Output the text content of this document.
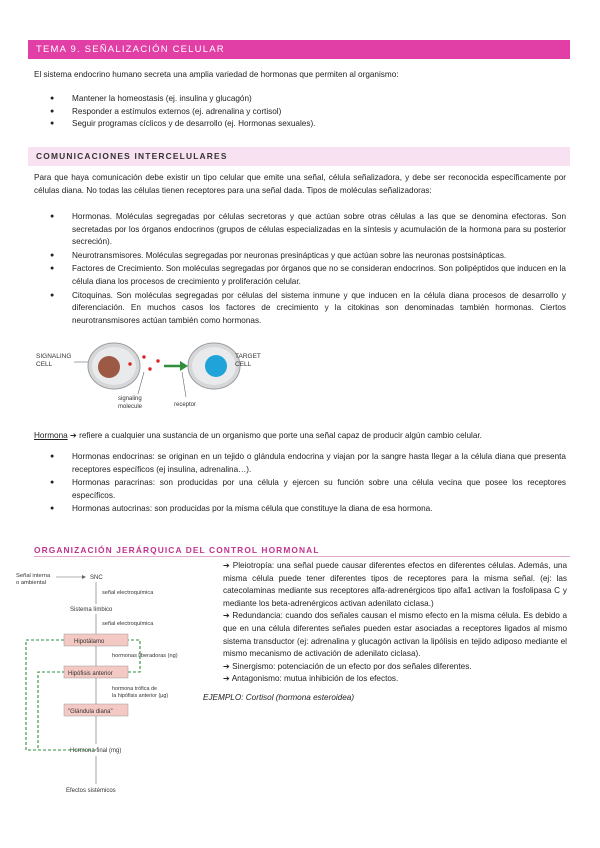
TEMA 9. SEÑALIZACIÓN CELULAR
El sistema endocrino humano secreta una amplia variedad de hormonas que permiten al organismo:
● Mantener la homeostasis (ej. insulina y glucagón)
● Responder a estímulos externos (ej. adrenalina y cortisol)
● Seguir programas cíclicos y de desarrollo (ej. Hormonas sexuales).
COMUNICACIONES INTERCELULARES
Para que haya comunicación debe existir un tipo celular que emite una señal, célula señalizadora, y debe ser reconocida específicamente por células diana. No todas las células tienen receptores para una señal dada. Tipos de moléculas señalizadoras:
● Hormonas. Moléculas segregadas por células secretoras y que actúan sobre otras células a las que se denomina efectoras. Son secretadas por los órganos endocrinos (grupos de células especializadas en la síntesis y acumulación de la hormona para su posterior secreción).
● Neurotransmisores. Moléculas segregadas por neuronas presinápticas y que actúan sobre las neuronas postsinápticas.
● Factores de Crecimiento. Son moléculas segregadas por órganos que no se consideran endocrinos. Son polipéptidos que inducen en la célula diana los procesos de crecimiento y proliferación celular.
● Citoquinas. Son moléculas segregadas por células del sistema inmune y que inducen en la célula diana procesos de desarrollo y diferenciación. En muchos casos los factores de crecimiento y la citokinas son denominadas también hormonas. Ciertos neurotransmisores actúan también como hormonas.
SIGNALING
CELL
TARGET
CELL
signaling
molecule	receptor
Hormona ➔ refiere a cualquier una sustancia de un organismo que porte una señal capaz de producir algún cambio celular.
● Hormonas endocrinas: se originan en un tejido o glándula endocrina y viajan por la sangre hasta llegar a la célula diana que presenta receptores específicos (ej insulina, adrenalina…).
● Hormonas paracrinas: son producidas por una célula y ejercen su función sobre una célula vecina que posee los receptores específicos.
● Hormonas autocrinas: son producidas por la misma célula que constituye la diana de esa hormona.
ORGANIZACIÓN JERÁRQUICA DEL CONTROL HORMONAL
Señal interna
o ambiental
SNC
señal electroquímica
Sistema límbico
señal electroquímica
Hipotálamo
hormonas liberadoras (ng)
Hipófisis anterior
hormona trófica de
la hipófisis anterior (µg)
"Glándula diana"
Hormona final (mg)
Efectos sistémicos

➔ Pleiotropía: una señal puede causar diferentes efectos en diferentes células. Además, una misma célula puede tener diferentes tipos de receptores para la misma señal. (ej: las catecolaminas mediante sus receptores alfa-adrenérgicos tipo alfa1 activan la fosfolipasa C y mediante los beta-adrenérgicos activan adenilato ciclasa.)

➔ Redundancia: cuando dos señales causan el mismo efecto en la misma célula. Es debido a que en una célula diferentes señales pueden estar asociadas a receptores ligados al mismo sistema transductor (ej: adrenalina y glucagón activan la lipólisis en tejido adiposo mediante el mismo mecanismo de activación de adenilato ciclasa).

➔ Sinergismo: potenciación de un efecto por dos señales diferentes.

➔ Antagonismo: mutua inhibición de los efectos.

EJEMPLO: Cortisol (hormona esteroidea)
